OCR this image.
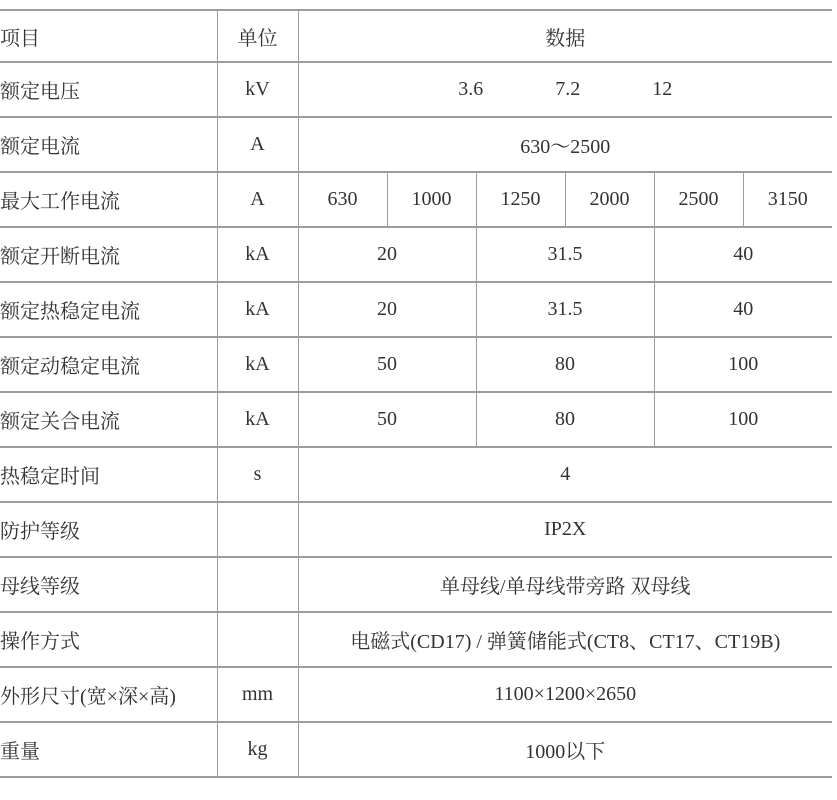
项目	单位	数据					
额定电压	kV	3.6 7.2 12					

额定电流	A	630～2500					
最大工作电流	A	630	1000	1250	2000	2500	3150
额定开断电流	kA	20		31.5		40	
额定热稳定电流	kA	20		31.5		40	
额定动稳定电流	kA	50		80		100	
额定关合电流	kA	50		80		100	
热稳定时间	s	4					
防护等级		IP2X					
母线等级		单母线/单母线带旁路 双母线					
操作方式		电磁式(CD17) / 弹簧储能式(CT8、CT17、CT19B)					
外形尺寸(宽×深×高)	mm	1100×1200×2650					
重量	kg	1000以下					
